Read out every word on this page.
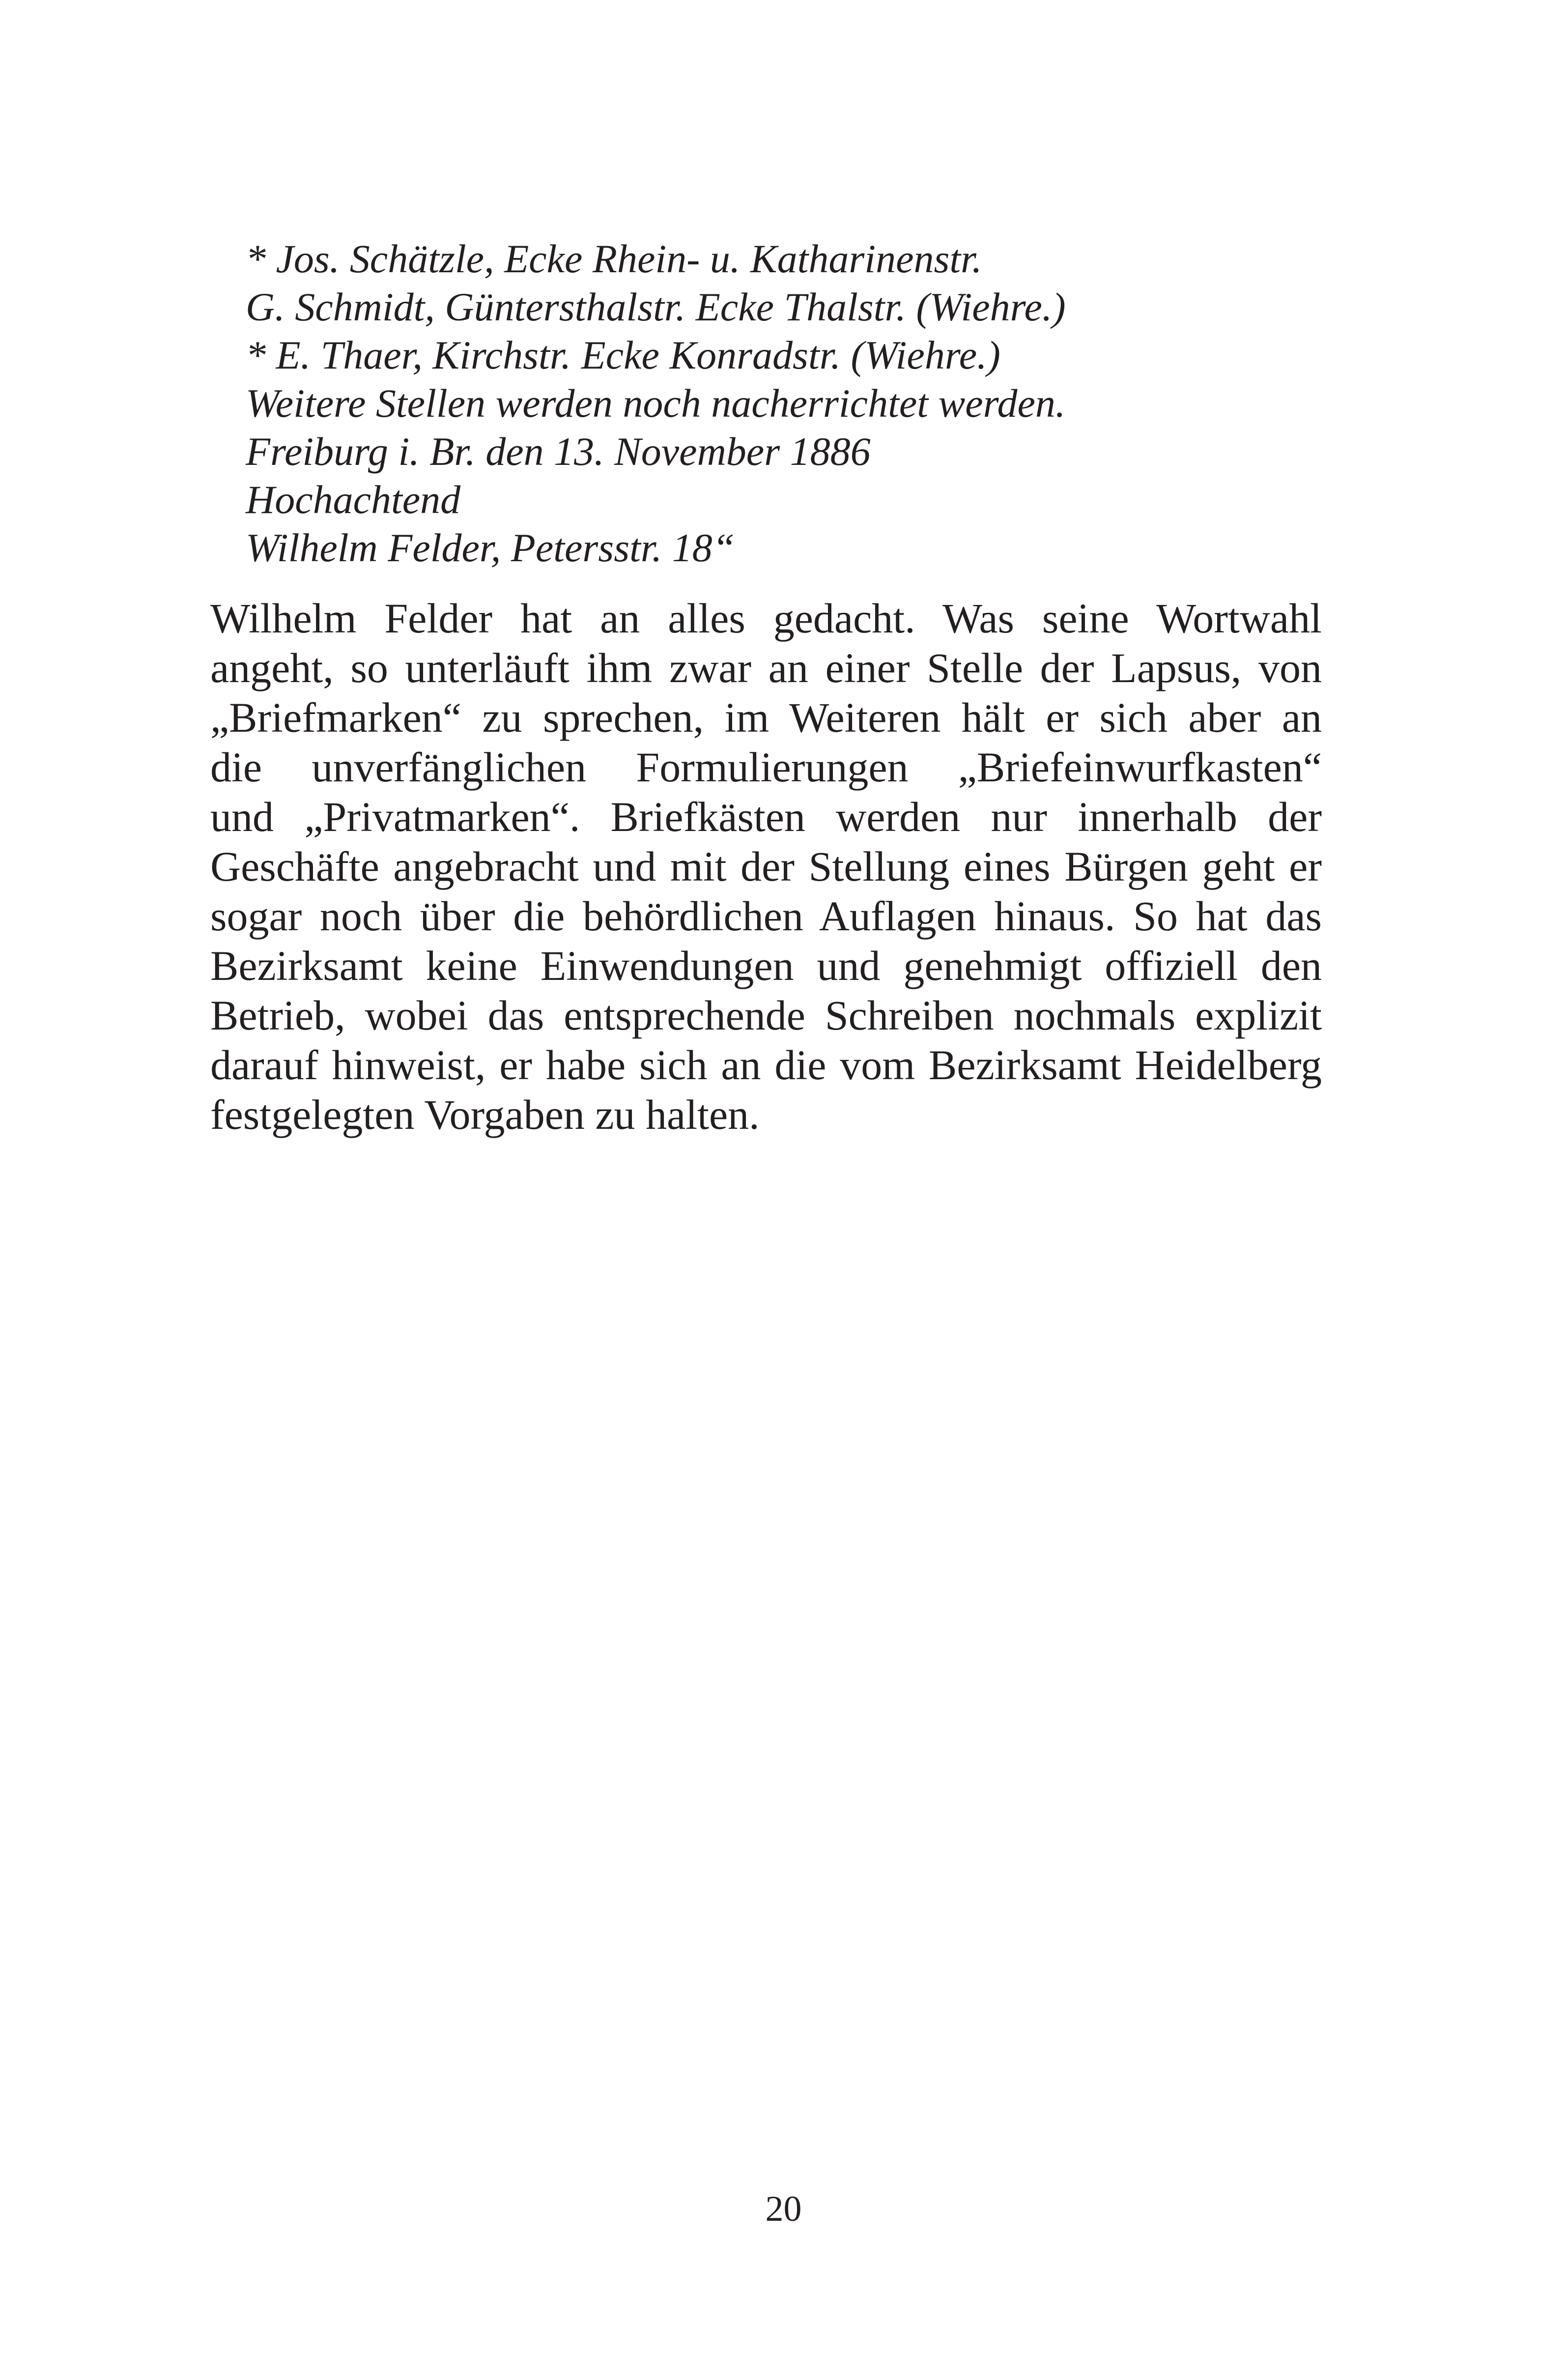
* Jos. Schätzle, Ecke Rhein- u. Katharinenstr.
G. Schmidt, Güntersthalstr. Ecke Thalstr. (Wiehre.)
* E. Thaer, Kirchstr. Ecke Konradstr. (Wiehre.)
Weitere Stellen werden noch nacherrichtet werden.
Freiburg i. Br. den 13. November 1886
Hochachtend
Wilhelm Felder, Petersstr. 18“
Wilhelm Felder hat an alles gedacht. Was seine Wortwahl
angeht, so unterläuft ihm zwar an einer Stelle der Lapsus, von
„Briefmarken“ zu sprechen, im Weiteren hält er sich aber an
die unverfänglichen Formulierungen „Briefeinwurfkasten“
und „Privatmarken“. Briefkästen werden nur innerhalb der
Geschäfte angebracht und mit der Stellung eines Bürgen geht er
sogar noch über die behördlichen Auflagen hinaus. So hat das
Bezirksamt keine Einwendungen und genehmigt offiziell den
Betrieb, wobei das entsprechende Schreiben nochmals explizit
darauf hinweist, er habe sich an die vom Bezirksamt Heidelberg
festgelegten Vorgaben zu halten.
20
